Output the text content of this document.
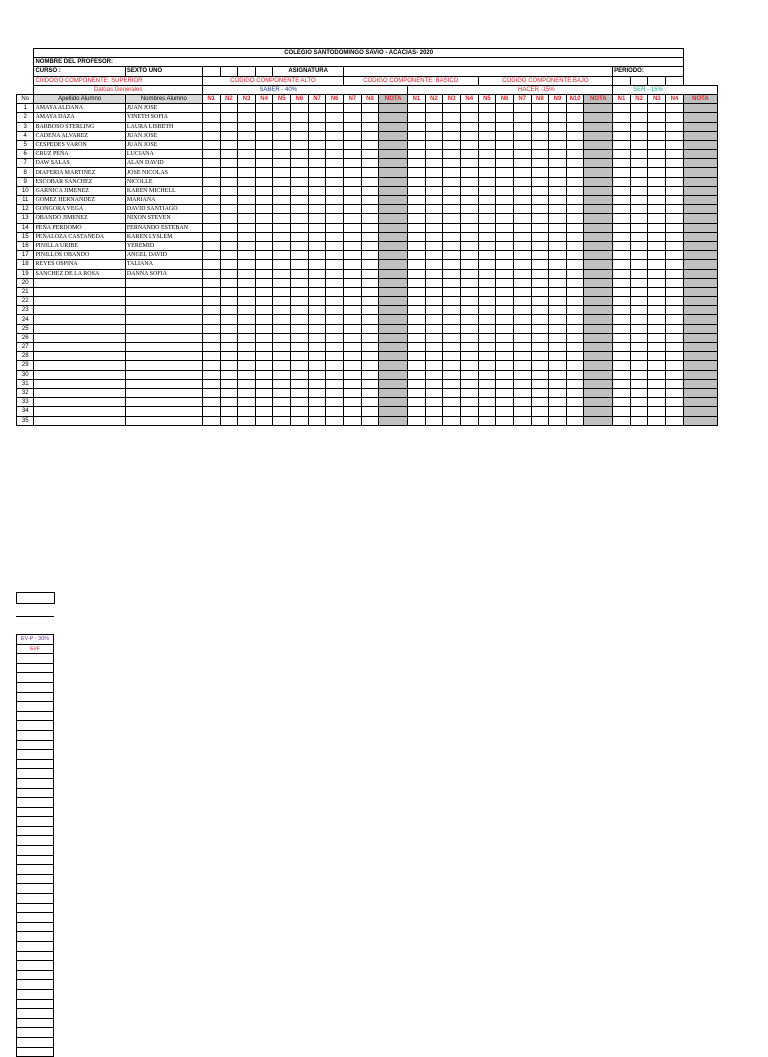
	COLEGIO SANTODOMINGO SAVIO - ACACIAS- 2020																												
	NOMBRE DEL PROFESOR:																												
	CURSO :	SEXTO UNO					ASIGNATURA																		PERIODO:				
	C0IDOGO COMPONENTE: SUPERIOR		CODIGO COMPONENTE ALTO								CODIGO COMPONENTE: BASICO							CODIGO COMPONENTE:BAJO											
	Datoas Generales		SABER - 40%											HACER -15%											SER - 15%				
No	Apellido Alumno	Nombres Alumno	N1	N2	N3	N4	N5	N6	N7	N6	N7	N8	NOTA	N1	N2	N3	N4	N5	N6	N7	N8	N9	N10	NOTA	N1	N2	N3	N4	NOTA
1	AMAYA ALDANA	JUAN JOSE																											
2	AMAYA DAZA	YINETH SOFIA																											
3	BARBOSO STERLING	LAURA LISBETH																											
4	CADENA ALVAREZ	JUAN JOSE																											
5	CESPEDES VARON	JUAN JOSE																											
6	CRUZ PEÑA	LUCIANA																											
7	DAW SALAS	ALAN DAVID																											
8	DIAFERIA MARTINEZ	JOSE NICOLAS																											
9	ESCOBAR SANCHEZ	NICOLLE																											
10	GARNICA JIMENEZ	KAREN MICHELL																											
11	GOMEZ HERNANDEZ	MARIANA																											
12	GONGORA VEGA	DAVID SANTIAGO																											
13	OBANDO JIMENEZ	NIXON STEVEN																											
14	PEÑA PERDOMO	FERNANDO ESTEBAN																											
15	PEÑALOZA CASTAÑEDA	KAREN LYSLEM																											
16	PINILLA URIBE	YEREMID																											
17	PINILLOS OBANDO	ANGEL DAVID																											
18	REYES OSPINA	TALIANA																											
19	SANCHEZ DE LA ROSA	DANNA SOFIA																											
20																													
21																													
22																													
23																													
24																													
25																													
26																													
27																													
28																													
29																													
30																													
31																													
32																													
33																													
34																													
35																													
EV-P - 30%
EvF
